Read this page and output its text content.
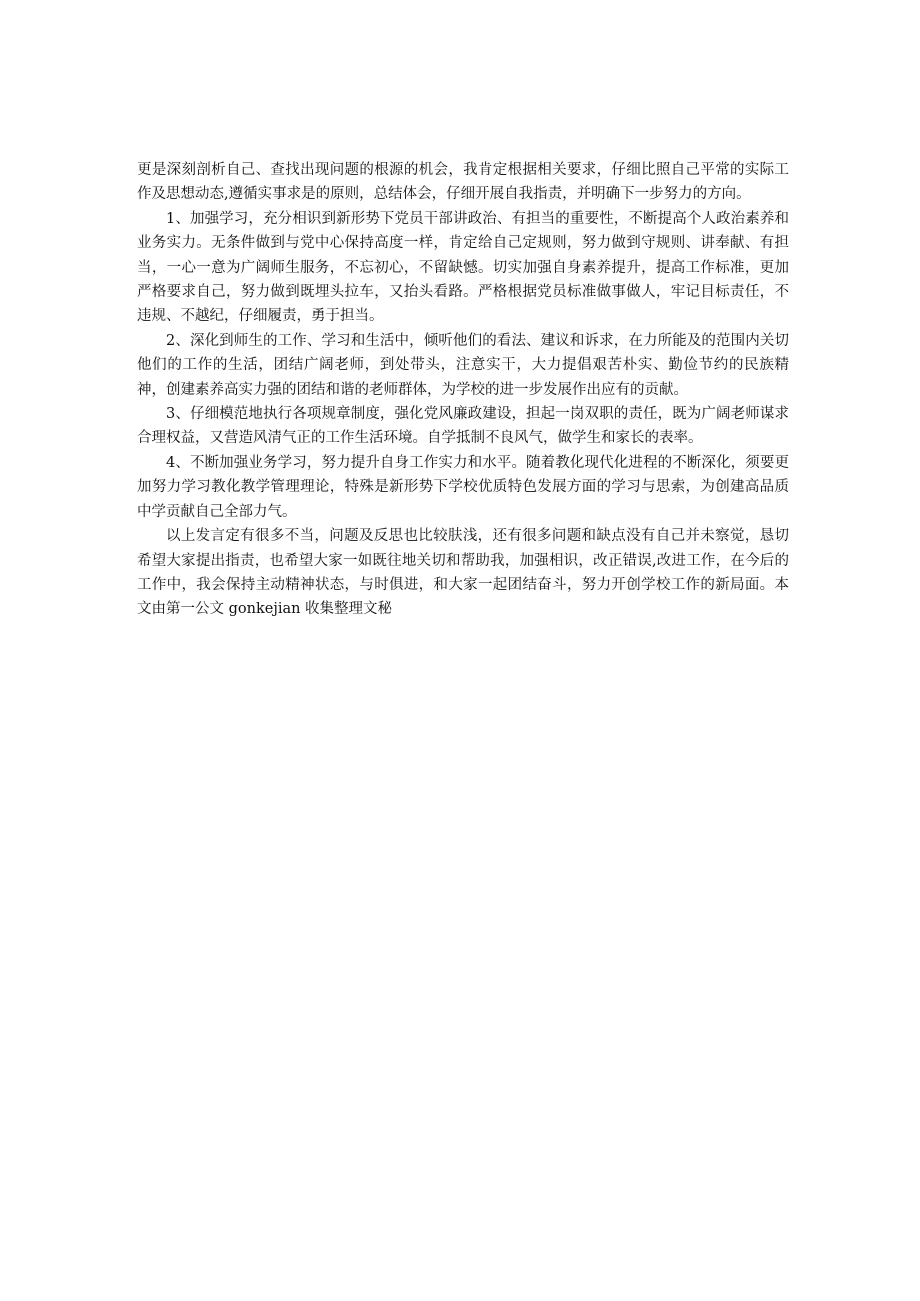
更是深刻剖析自己、查找出现问题的根源的机会，我肯定根据相关要求，仔细比照自己平常的实际工作及思想动态,遵循实事求是的原则，总结体会，仔细开展自我指责，并明确下一步努力的方向。

1、加强学习，充分相识到新形势下党员干部讲政治、有担当的重要性，不断提高个人政治素养和业务实力。无条件做到与党中心保持高度一样，肯定给自己定规则，努力做到守规则、讲奉献、有担当，一心一意为广阔师生服务，不忘初心，不留缺憾。切实加强自身素养提升，提高工作标准，更加严格要求自己，努力做到既埋头拉车，又抬头看路。严格根据党员标准做事做人，牢记目标责任，不违规、不越纪，仔细履责，勇于担当。

2、深化到师生的工作、学习和生活中，倾听他们的看法、建议和诉求，在力所能及的范围内关切他们的工作的生活，团结广阔老师，到处带头，注意实干，大力提倡艰苦朴实、勤俭节约的民族精神，创建素养高实力强的团结和谐的老师群体，为学校的进一步发展作出应有的贡献。

3、仔细模范地执行各项规章制度，强化党风廉政建设，担起一岗双职的责任，既为广阔老师谋求合理权益，又营造风清气正的工作生活环境。自学抵制不良风气，做学生和家长的表率。

4、不断加强业务学习，努力提升自身工作实力和水平。随着教化现代化进程的不断深化，须要更加努力学习教化教学管理理论，特殊是新形势下学校优质特色发展方面的学习与思索，为创建高品质中学贡献自己全部力气。

以上发言定有很多不当，问题及反思也比较肤浅，还有很多问题和缺点没有自己并未察觉，恳切希望大家提出指责，也希望大家一如既往地关切和帮助我，加强相识，改正错误,改进工作，在今后的工作中，我会保持主动精神状态，与时俱进，和大家一起团结奋斗，努力开创学校工作的新局面。本文由第一公文 gonkejian 收集整理文秘
